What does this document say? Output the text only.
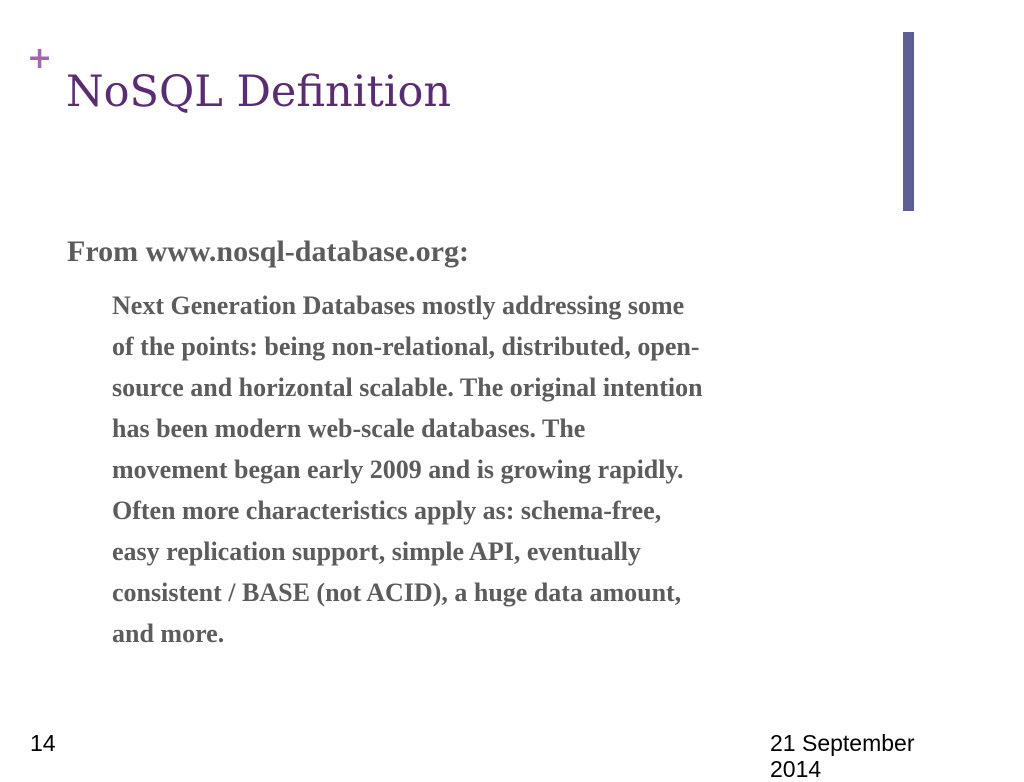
+
NoSQL Definition

From www.nosql-database.org:

Next Generation Databases mostly addressing some
of the points: being non-relational, distributed, open-
source and horizontal scalable. The original intention
has been modern web-scale databases. The
movement began early 2009 and is growing rapidly.
Often more characteristics apply as: schema-free,
easy replication support, simple API, eventually
consistent / BASE (not ACID), a huge data amount,
and more.

14	21 September 2014
